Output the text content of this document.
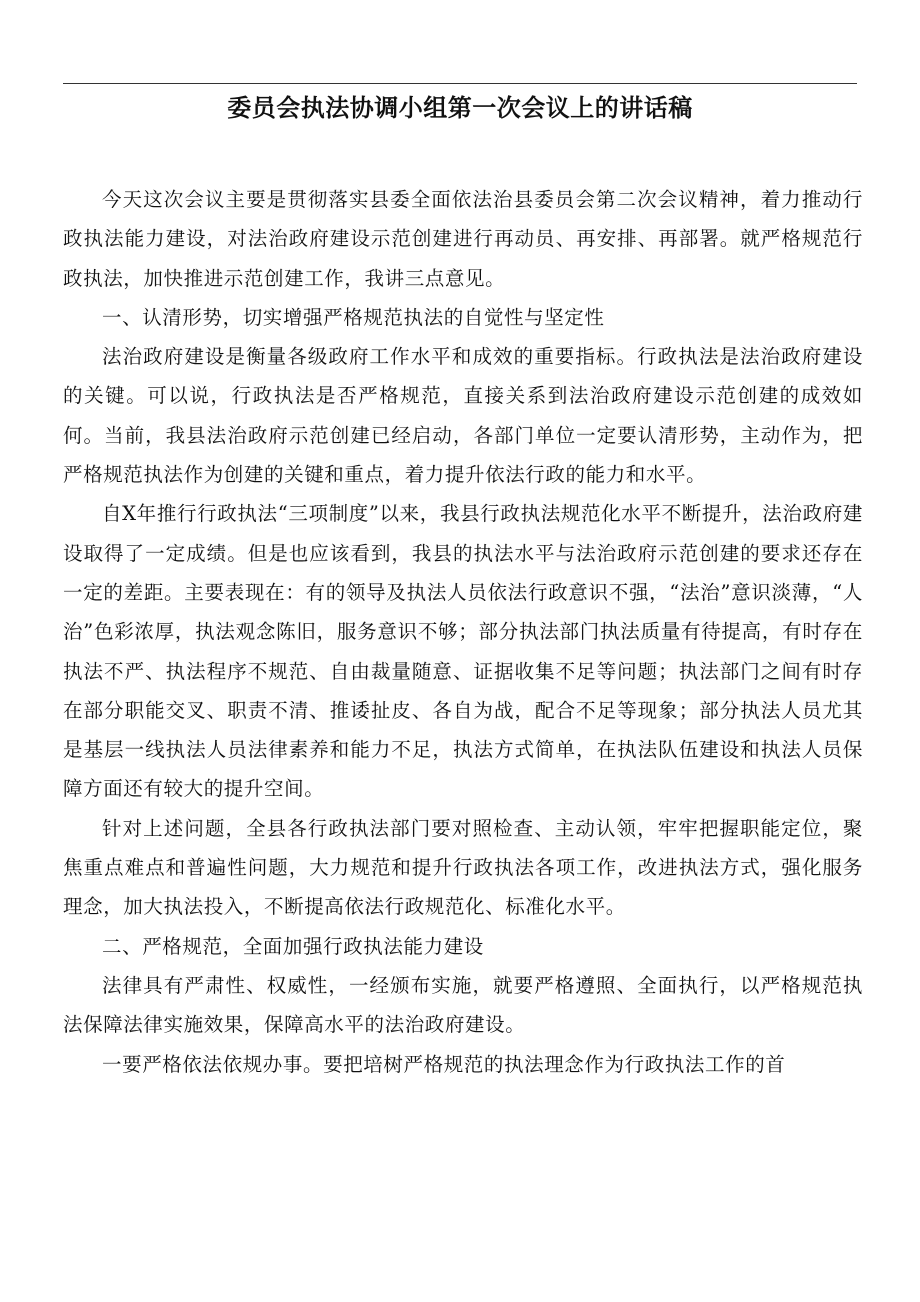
委员会执法协调小组第一次会议上的讲话稿

今天这次会议主要是贯彻落实县委全面依法治县委员会第二次会议精神，着力推动行政执法能力建设，对法治政府建设示范创建进行再动员、再安排、再部署。就严格规范行政执法，加快推进示范创建工作，我讲三点意见。

一、认清形势，切实增强严格规范执法的自觉性与坚定性

法治政府建设是衡量各级政府工作水平和成效的重要指标。行政执法是法治政府建设的关键。可以说，行政执法是否严格规范，直接关系到法治政府建设示范创建的成效如何。当前，我县法治政府示范创建已经启动，各部门单位一定要认清形势，主动作为，把严格规范执法作为创建的关键和重点，着力提升依法行政的能力和水平。

自X年推行行政执法“三项制度”以来，我县行政执法规范化水平不断提升，法治政府建设取得了一定成绩。但是也应该看到，我县的执法水平与法治政府示范创建的要求还存在一定的差距。主要表现在：有的领导及执法人员依法行政意识不强，“法治”意识淡薄，“人治”色彩浓厚，执法观念陈旧，服务意识不够；部分执法部门执法质量有待提高，有时存在执法不严、执法程序不规范、自由裁量随意、证据收集不足等问题；执法部门之间有时存在部分职能交叉、职责不清、推诿扯皮、各自为战，配合不足等现象；部分执法人员尤其是基层一线执法人员法律素养和能力不足，执法方式简单，在执法队伍建设和执法人员保障方面还有较大的提升空间。

针对上述问题，全县各行政执法部门要对照检查、主动认领，牢牢把握职能定位，聚焦重点难点和普遍性问题，大力规范和提升行政执法各项工作，改进执法方式，强化服务理念，加大执法投入，不断提高依法行政规范化、标准化水平。

二、严格规范，全面加强行政执法能力建设

法律具有严肃性、权威性，一经颁布实施，就要严格遵照、全面执行，以严格规范执法保障法律实施效果，保障高水平的法治政府建设。

一要严格依法依规办事。要把培树严格规范的执法理念作为行政执法工作的首
